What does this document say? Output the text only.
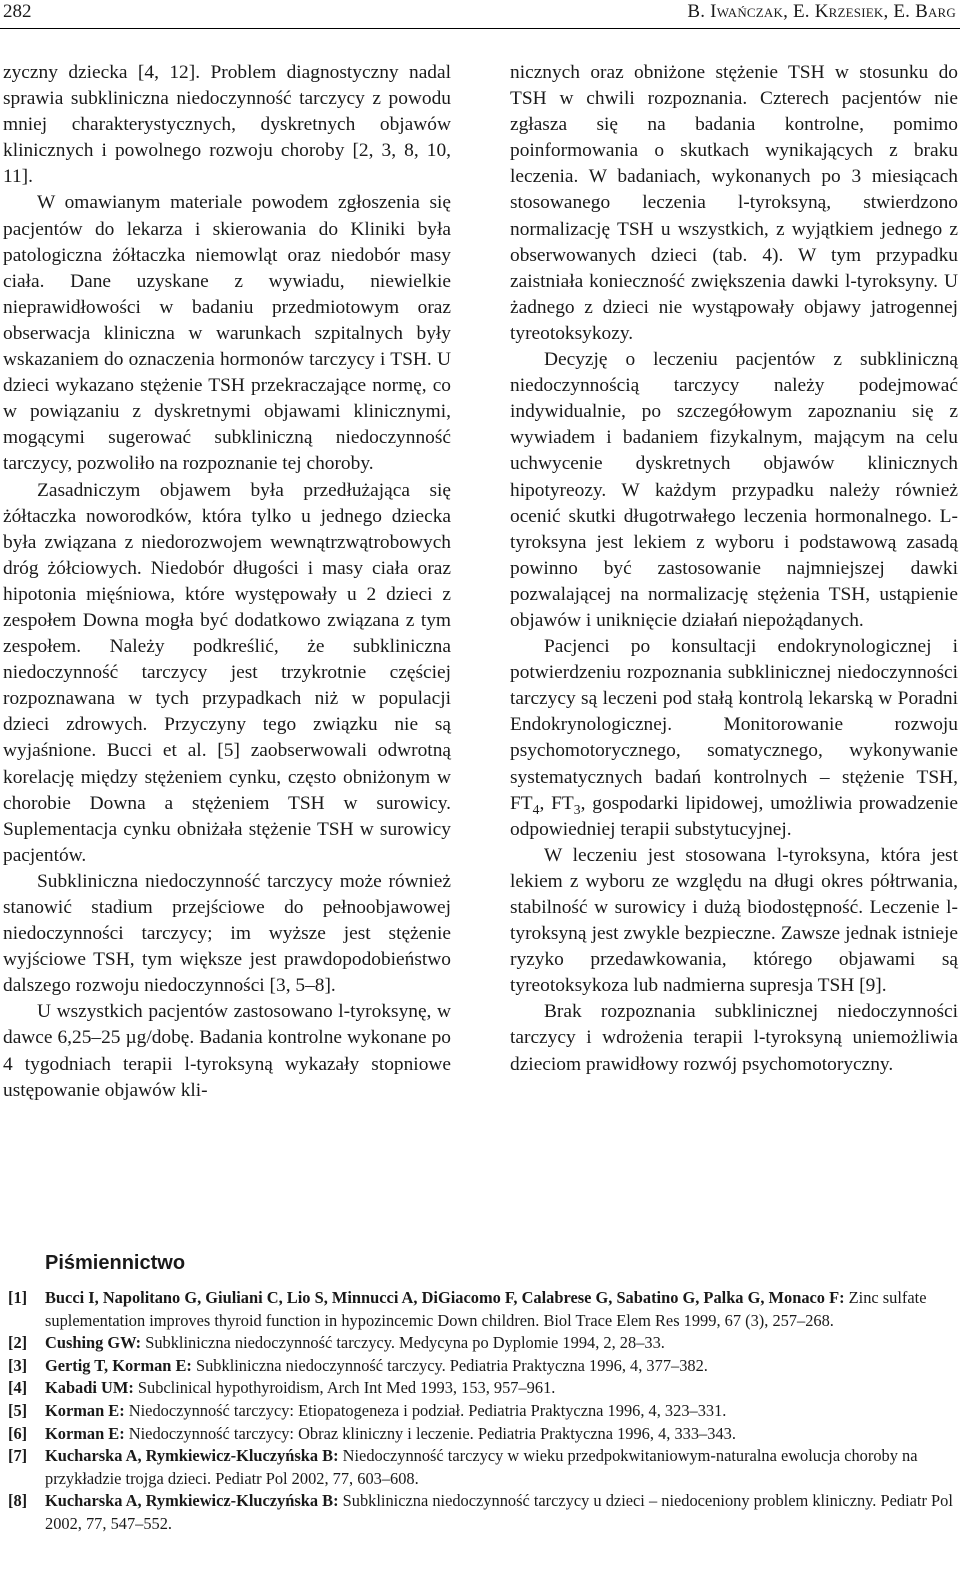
282	B. Iwańczak, E. Krzesiek, E. Barg

zyczny dziecka [4, 12]. Problem diagnostyczny nadal sprawia subkliniczna niedoczynność tarczycy z powodu mniej charakterystycznych, dyskretnych objawów klinicznych i powolnego rozwoju choroby [2, 3, 8, 10, 11].

W omawianym materiale powodem zgłoszenia się pacjentów do lekarza i skierowania do Kliniki była patologiczna żółtaczka niemowląt oraz niedobór masy ciała. Dane uzyskane z wywiadu, niewielkie nieprawidłowości w badaniu przedmiotowym oraz obserwacja kliniczna w warunkach szpitalnych były wskazaniem do oznaczenia hormonów tarczycy i TSH. U dzieci wykazano stężenie TSH przekraczające normę, co w powiązaniu z dyskretnymi objawami klinicznymi, mogącymi sugerować subkliniczną niedoczynność tarczycy, pozwoliło na rozpoznanie tej choroby.

Zasadniczym objawem była przedłużająca się żółtaczka noworodków, która tylko u jednego dziecka była związana z niedorozwojem wewnątrzwątrobowych dróg żółciowych. Niedobór długości i masy ciała oraz hipotonia mięśniowa, które występowały u 2 dzieci z zespołem Downa mogła być dodatkowo związana z tym zespołem. Należy podkreślić, że subkliniczna niedoczynność tarczycy jest trzykrotnie częściej rozpoznawana w tych przypadkach niż w populacji dzieci zdrowych. Przyczyny tego związku nie są wyjaśnione. Bucci et al. [5] zaobserwowali odwrotną korelację między stężeniem cynku, często obniżonym w chorobie Downa a stężeniem TSH w surowicy. Suplementacja cynku obniżała stężenie TSH w surowicy pacjentów.

Subkliniczna niedoczynność tarczycy może również stanowić stadium przejściowe do pełnoobjawowej niedoczynności tarczycy; im wyższe jest stężenie wyjściowe TSH, tym większe jest prawdopodobieństwo dalszego rozwoju niedoczynności [3, 5–8].

U wszystkich pacjentów zastosowano l-tyroksynę, w dawce 6,25–25 µg/dobę. Badania kontrolne wykonane po 4 tygodniach terapii l-tyroksyną wykazały stopniowe ustępowanie objawów kli-

nicznych oraz obniżone stężenie TSH w stosunku do TSH w chwili rozpoznania. Czterech pacjentów nie zgłasza się na badania kontrolne, pomimo poinformowania o skutkach wynikających z braku leczenia. W badaniach, wykonanych po 3 miesiącach stosowanego leczenia l-tyroksyną, stwierdzono normalizację TSH u wszystkich, z wyjątkiem jednego z obserwowanych dzieci (tab. 4). W tym przypadku zaistniała konieczność zwiększenia dawki l-tyroksyny. U żadnego z dzieci nie wystąpowały objawy jatrogennej tyreotoksykozy.

Decyzję o leczeniu pacjentów z subkliniczną niedoczynnością tarczycy należy podejmować indywidualnie, po szczegółowym zapoznaniu się z wywiadem i badaniem fizykalnym, mającym na celu uchwycenie dyskretnych objawów klinicznych hipotyreozy. W każdym przypadku należy również ocenić skutki długotrwałego leczenia hormonalnego. L-tyroksyna jest lekiem z wyboru i podstawową zasadą powinno być zastosowanie najmniejszej dawki pozwalającej na normalizację stężenia TSH, ustąpienie objawów i uniknięcie działań niepożądanych.

Pacjenci po konsultacji endokrynologicznej i potwierdzeniu rozpoznania subklinicznej niedoczynności tarczycy są leczeni pod stałą kontrolą lekarską w Poradni Endokrynologicznej. Monitorowanie rozwoju psychomotorycznego, somatycznego, wykonywanie systematycznych badań kontrolnych – stężenie TSH, $FT_4$, $FT_3$, gospodarki lipidowej, umożliwia prowadzenie odpowiedniej terapii substytucyjnej.

W leczeniu jest stosowana l-tyroksyna, która jest lekiem z wyboru ze względu na długi okres półtrwania, stabilność w surowicy i dużą biodostępność. Leczenie l-tyroksyną jest zwykle bezpieczne. Zawsze jednak istnieje ryzyko przedawkowania, którego objawami są tyreotoksykoza lub nadmierna supresja TSH [9].

Brak rozpoznania subklinicznej niedoczynności tarczycy i wdrożenia terapii l-tyroksyną uniemożliwia dzieciom prawidłowy rozwój psychomotoryczny.

Piśmiennictwo
[1] Bucci I, Napolitano G, Giuliani C, Lio S, Minnucci A, DiGiacomo F, Calabrese G, Sabatino G, Palka G, Monaco F: Zinc sulfate suplementation improves thyroid function in hypozincemic Down children. Biol Trace Elem Res 1999, 67 (3), 257–268.
[2] Cushing GW: Subkliniczna niedoczynność tarczycy. Medycyna po Dyplomie 1994, 2, 28–33.
[3] Gertig T, Korman E: Subkliniczna niedoczynność tarczycy. Pediatria Praktyczna 1996, 4, 377–382.
[4] Kabadi UM: Subclinical hypothyroidism, Arch Int Med 1993, 153, 957–961.
[5] Korman E: Niedoczynność tarczycy: Etiopatogeneza i podział. Pediatria Praktyczna 1996, 4, 323–331.
[6] Korman E: Niedoczynność tarczycy: Obraz kliniczny i leczenie. Pediatria Praktyczna 1996, 4, 333–343.
[7] Kucharska A, Rymkiewicz-Kluczyńska B: Niedoczynność tarczycy w wieku przedpokwitaniowym-naturalna ewolucja choroby na przykładzie trojga dzieci. Pediatr Pol 2002, 77, 603–608.
[8] Kucharska A, Rymkiewicz-Kluczyńska B: Subkliniczna niedoczynność tarczycy u dzieci – niedoceniony problem kliniczny. Pediatr Pol 2002, 77, 547–552.
